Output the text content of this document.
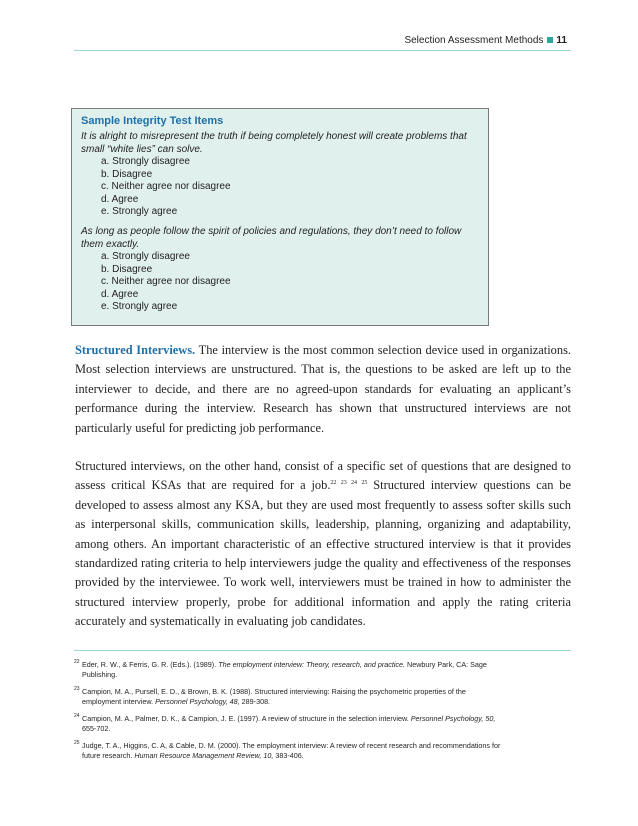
Selection Assessment Methods 11
Sample Integrity Test Items

It is alright to misrepresent the truth if being completely honest will create problems that small “white lies” can solve.

a. Strongly disagree
b. Disagree
c. Neither agree nor disagree
d. Agree
e. Strongly agree

As long as people follow the spirit of policies and regulations, they don’t need to follow them exactly.

a. Strongly disagree
b. Disagree
c. Neither agree nor disagree
d. Agree
e. Strongly agree

Structured Interviews. The interview is the most common selection device used in organizations. Most selection interviews are unstructured. That is, the questions to be asked are left up to the interviewer to decide, and there are no agreed-upon standards for evaluating an applicant’s performance during the interview. Research has shown that unstructured interviews are not particularly useful for predicting job performance.

Structured interviews, on the other hand, consist of a specific set of questions that are designed to assess critical KSAs that are required for a job.$^{22 23 24 25}$ Structured interview questions can be developed to assess almost any KSA, but they are used most frequently to assess softer skills such as interpersonal skills, communication skills, leadership, planning, organizing and adaptability, among others. An important characteristic of an effective structured interview is that it provides standardized rating criteria to help interviewers judge the quality and effectiveness of the responses provided by the interviewee. To work well, interviewers must be trained in how to administer the structured interview properly, probe for additional information and apply the rating criteria accurately and systematically in evaluating job candidates.

22 Eder, R. W., & Ferris, G. R. (Eds.). (1989). The employment interview: Theory, research, and practice. Newbury Park, CA: Sage Publishing.
23 Campion, M. A., Pursell, E. D., & Brown, B. K. (1988). Structured interviewing: Raising the psychometric properties of the employment interview. Personnel Psychology, 48, 289-308.
24 Campion, M. A., Palmer, D. K., & Campion, J. E. (1997). A review of structure in the selection interview. Personnel Psychology, 50, 655-702.
25 Judge, T. A., Higgins, C. A, & Cable, D. M. (2000). The employment interview: A review of recent research and recommendations for future research. Human Resource Management Review, 10, 383-406.
